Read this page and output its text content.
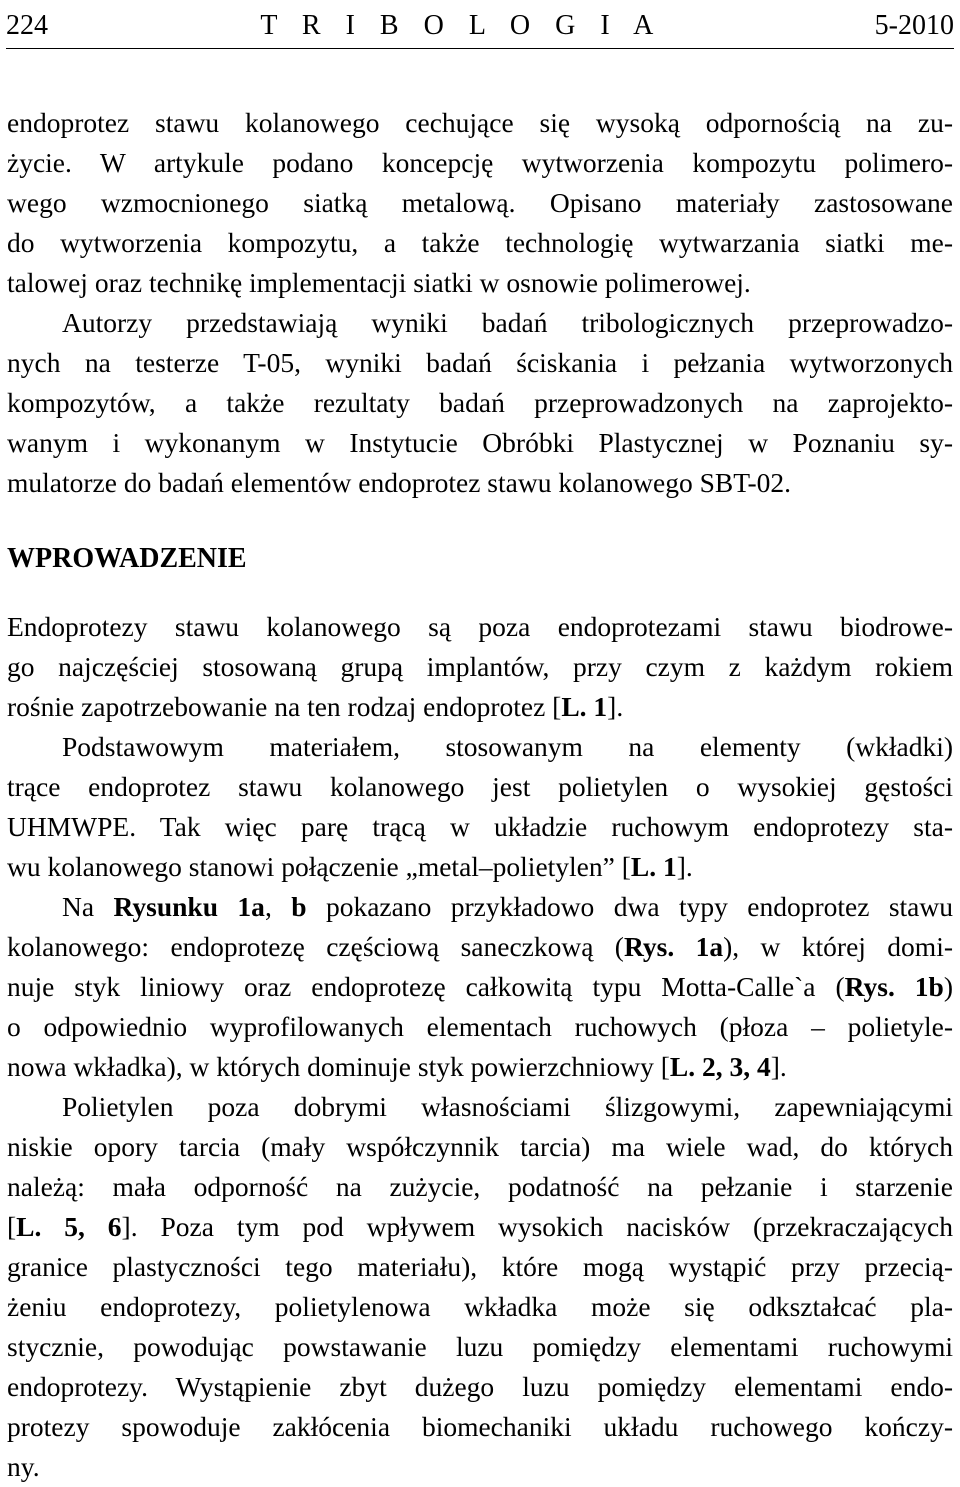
224	T R I B O L O G I A	5-2010

endoprotez stawu kolanowego cechujące się wysoką odpornością na zu-
życie. W artykule podano koncepcję wytworzenia kompozytu polimero-
wego wzmocnionego siatką metalową. Opisano materiały zastosowane
do wytworzenia kompozytu, a także technologię wytwarzania siatki me-
talowej oraz technikę implementacji siatki w osnowie polimerowej.

Autorzy przedstawiają wyniki badań tribologicznych przeprowadzo-
nych na testerze T-05, wyniki badań ściskania i pełzania wytworzonych
kompozytów, a także rezultaty badań przeprowadzonych na zaprojekto-
wanym i wykonanym w Instytucie Obróbki Plastycznej w Poznaniu sy-
mulatorze do badań elementów endoprotez stawu kolanowego SBT-02.

WPROWADZENIE

Endoprotezy stawu kolanowego są poza endoprotezami stawu biodrowe-
go najczęściej stosowaną grupą implantów, przy czym z każdym rokiem
rośnie zapotrzebowanie na ten rodzaj endoprotez [L. 1].

Podstawowym materiałem, stosowanym na elementy (wkładki)
trące endoprotez stawu kolanowego jest polietylen o wysokiej gęstości
UHMWPE. Tak więc parę trącą w układzie ruchowym endoprotezy sta-
wu kolanowego stanowi połączenie „metal–polietylen” [L. 1].

Na Rysunku 1a, b pokazano przykładowo dwa typy endoprotez stawu
kolanowego: endoprotezę częściową saneczkową (Rys. 1a), w której domi-
nuje styk liniowy oraz endoprotezę całkowitą typu Motta-Calle`a (Rys. 1b)
o odpowiednio wyprofilowanych elementach ruchowych (płoza – polietyle-
nowa wkładka), w których dominuje styk powierzchniowy [L. 2, 3, 4].

Polietylen poza dobrymi własnościami ślizgowymi, zapewniającymi
niskie opory tarcia (mały współczynnik tarcia) ma wiele wad, do których
należą: mała odporność na zużycie, podatność na pełzanie i starzenie
[L. 5, 6]. Poza tym pod wpływem wysokich nacisków (przekraczających
granice plastyczności tego materiału), które mogą wystąpić przy przecią-
żeniu endoprotezy, polietylenowa wkładka może się odkształcać pla-
stycznie, powodując powstawanie luzu pomiędzy elementami ruchowymi
endoprotezy. Wystąpienie zbyt dużego luzu pomiędzy elementami endo-
protezy spowoduje zakłócenia biomechaniki układu ruchowego kończy-
ny.
